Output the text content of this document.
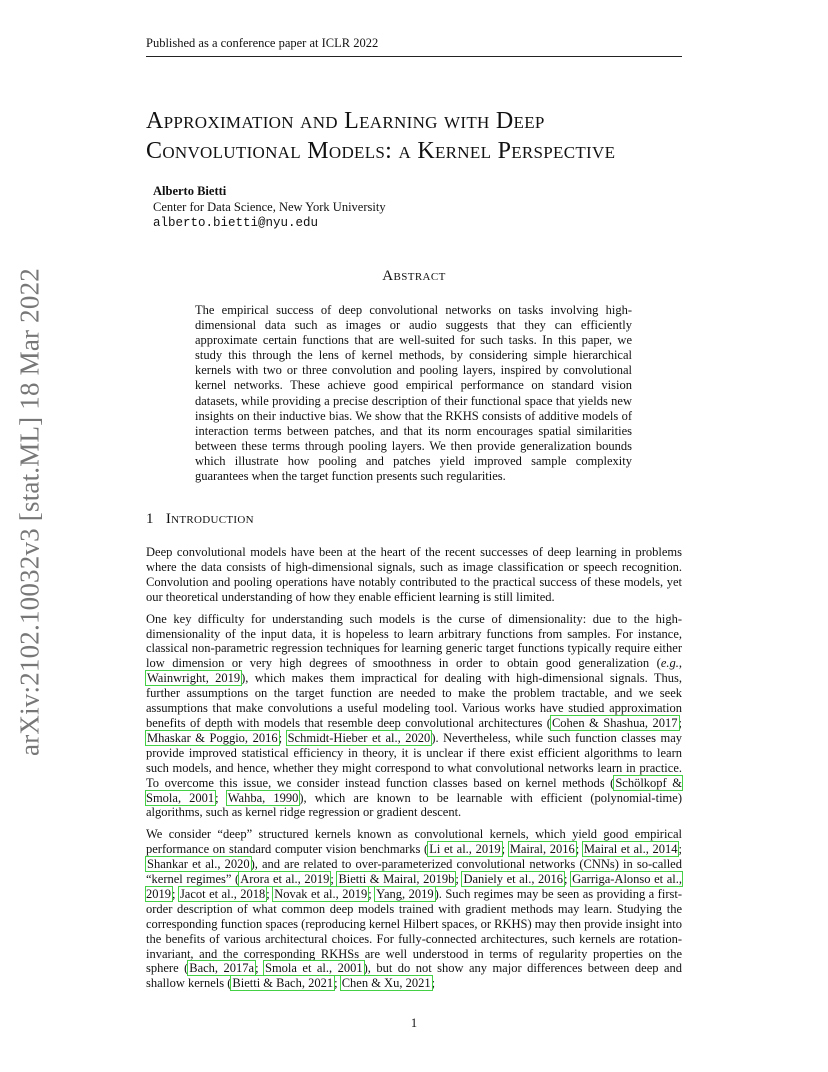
Published as a conference paper at ICLR 2022
arXiv:2102.10032v3 [stat.ML] 18 Mar 2022
Approximation and Learning with Deep
Convolutional Models: a Kernel Perspective
Alberto Bietti
Center for Data Science, New York University
alberto.bietti@nyu.edu
Abstract
The empirical success of deep convolutional networks on tasks involving high-dimensional data such as images or audio suggests that they can efficiently approximate certain functions that are well-suited for such tasks. In this paper, we study this through the lens of kernel methods, by considering simple hierarchical kernels with two or three convolution and pooling layers, inspired by convolutional kernel networks. These achieve good empirical performance on standard vision datasets, while providing a precise description of their functional space that yields new insights on their inductive bias. We show that the RKHS consists of additive models of interaction terms between patches, and that its norm encourages spatial similarities between these terms through pooling layers. We then provide generalization bounds which illustrate how pooling and patches yield improved sample complexity guarantees when the target function presents such regularities.
1 Introduction

Deep convolutional models have been at the heart of the recent successes of deep learning in problems where the data consists of high-dimensional signals, such as image classification or speech recognition. Convolution and pooling operations have notably contributed to the practical success of these models, yet our theoretical understanding of how they enable efficient learning is still limited.

One key difficulty for understanding such models is the curse of dimensionality: due to the high-dimensionality of the input data, it is hopeless to learn arbitrary functions from samples. For instance, classical non-parametric regression techniques for learning generic target functions typically require either low dimension or very high degrees of smoothness in order to obtain good generalization (e.g., Wainwright, 2019), which makes them impractical for dealing with high-dimensional signals. Thus, further assumptions on the target function are needed to make the problem tractable, and we seek assumptions that make convolutions a useful modeling tool. Various works have studied approximation benefits of depth with models that resemble deep convolutional architectures (Cohen & Shashua, 2017; Mhaskar & Poggio, 2016; Schmidt-Hieber et al., 2020). Nevertheless, while such function classes may provide improved statistical efficiency in theory, it is unclear if there exist efficient algorithms to learn such models, and hence, whether they might correspond to what convolutional networks learn in practice. To overcome this issue, we consider instead function classes based on kernel methods (Schölkopf & Smola, 2001; Wahba, 1990), which are known to be learnable with efficient (polynomial-time) algorithms, such as kernel ridge regression or gradient descent.

We consider “deep” structured kernels known as convolutional kernels, which yield good empirical performance on standard computer vision benchmarks (Li et al., 2019; Mairal, 2016; Mairal et al., 2014; Shankar et al., 2020), and are related to over-parameterized convolutional networks (CNNs) in so-called “kernel regimes” (Arora et al., 2019; Bietti & Mairal, 2019b; Daniely et al., 2016; Garriga-Alonso et al., 2019; Jacot et al., 2018; Novak et al., 2019; Yang, 2019). Such regimes may be seen as providing a first-order description of what common deep models trained with gradient methods may learn. Studying the corresponding function spaces (reproducing kernel Hilbert spaces, or RKHS) may then provide insight into the benefits of various architectural choices. For fully-connected architectures, such kernels are rotation-invariant, and the corresponding RKHSs are well understood in terms of regularity properties on the sphere (Bach, 2017a; Smola et al., 2001), but do not show any major differences between deep and shallow kernels (Bietti & Bach, 2021; Chen & Xu, 2021;

1
